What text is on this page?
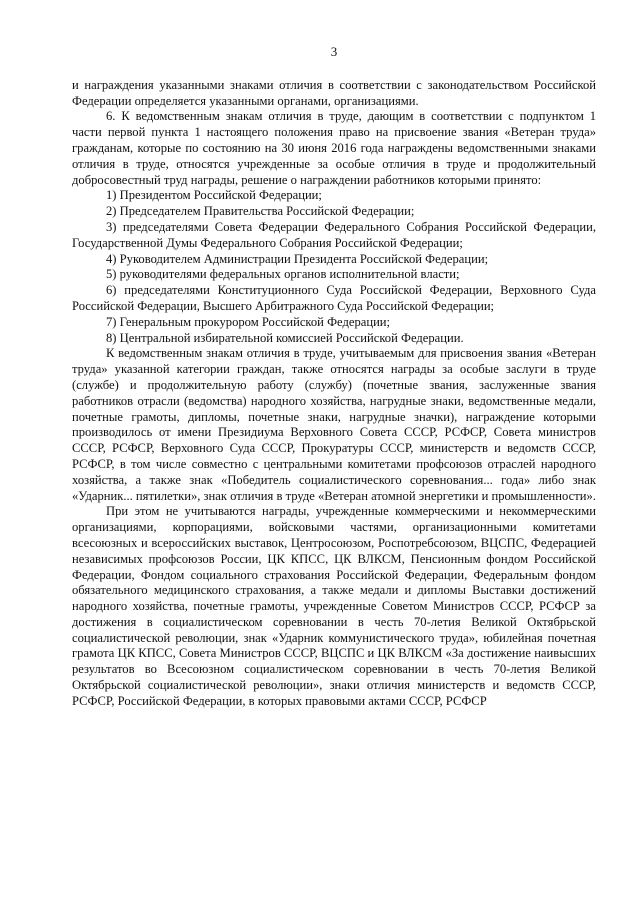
3

и награждения указанными знаками отличия в соответствии с законодательством Российской Федерации определяется указанными органами, организациями.

6. К ведомственным знакам отличия в труде, дающим в соответствии с подпунктом 1 части первой пункта 1 настоящего положения право на присвоение звания «Ветеран труда» гражданам, которые по состоянию на 30 июня 2016 года награждены ведомственными знаками отличия в труде, относятся учрежденные за особые отличия в труде и продолжительный добросовестный труд награды, решение о награждении работников которыми принято:

1) Президентом Российской Федерации;

2) Председателем Правительства Российской Федерации;

3) председателями Совета Федерации Федерального Собрания Российской Федерации, Государственной Думы Федерального Собрания Российской Федерации;

4) Руководителем Администрации Президента Российской Федерации;

5) руководителями федеральных органов исполнительной власти;

6) председателями Конституционного Суда Российской Федерации, Верховного Суда Российской Федерации, Высшего Арбитражного Суда Российской Федерации;

7) Генеральным прокурором Российской Федерации;

8) Центральной избирательной комиссией Российской Федерации.

К ведомственным знакам отличия в труде, учитываемым для присвоения звания «Ветеран труда» указанной категории граждан, также относятся награды за особые заслуги в труде (службе) и продолжительную работу (службу) (почетные звания, заслуженные звания работников отрасли (ведомства) народного хозяйства, нагрудные знаки, ведомственные медали, почетные грамоты, дипломы, почетные знаки, нагрудные значки), награждение которыми производилось от имени Президиума Верховного Совета СССР, РСФСР, Совета министров СССР, РСФСР, Верховного Суда СССР, Прокуратуры СССР, министерств и ведомств СССР, РСФСР, в том числе совместно с центральными комитетами профсоюзов отраслей народного хозяйства, а также знак «Победитель социалистического соревнования... года» либо знак «Ударник... пятилетки», знак отличия в труде «Ветеран атомной энергетики и промышленности».

При этом не учитываются награды, учрежденные коммерческими и некоммерческими организациями, корпорациями, войсковыми частями, организационными комитетами всесоюзных и всероссийских выставок, Центросоюзом, Роспотребсоюзом, ВЦСПС, Федерацией независимых профсоюзов России, ЦК КПСС, ЦК ВЛКСМ, Пенсионным фондом Российской Федерации, Фондом социального страхования Российской Федерации, Федеральным фондом обязательного медицинского страхования, а также медали и дипломы Выставки достижений народного хозяйства, почетные грамоты, учрежденные Советом Министров СССР, РСФСР за достижения в социалистическом соревновании в честь 70-летия Великой Октябрьской социалистической революции, знак «Ударник коммунистического труда», юбилейная почетная грамота ЦК КПСС, Совета Министров СССР, ВЦСПС и ЦК ВЛКСМ «За достижение наивысших результатов во Всесоюзном социалистическом соревновании в честь 70-летия Великой Октябрьской социалистической революции», знаки отличия министерств и ведомств СССР, РСФСР, Российской Федерации, в которых правовыми актами СССР, РСФСР
